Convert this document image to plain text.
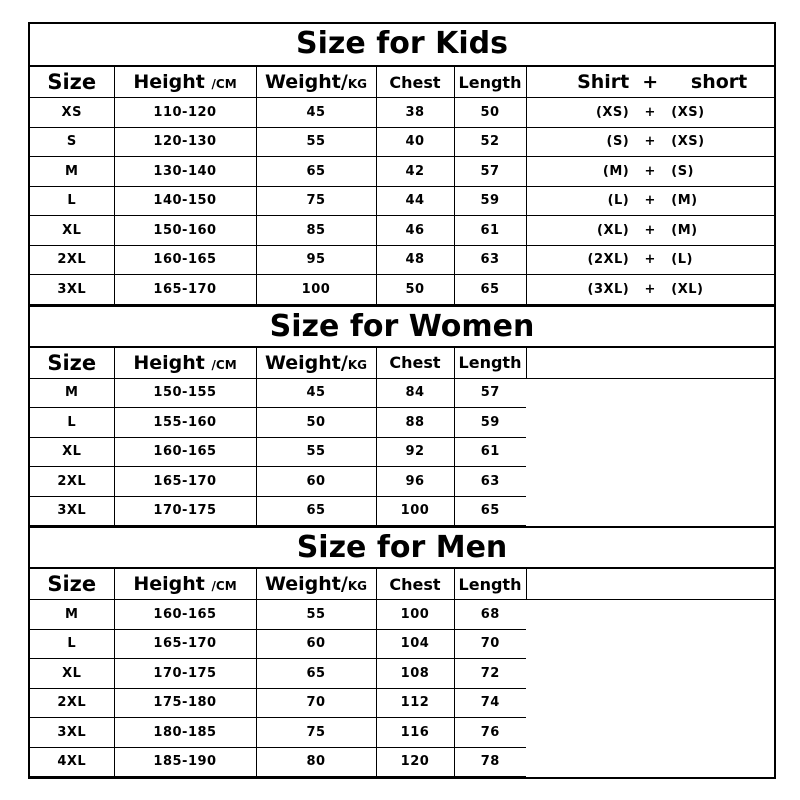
Size for Kids
Size	Height /CM	Weight/KG	Chest	Length	Shirt + short
XS	110-120	45	38	50	(XS) + (XS)
S	120-130	55	40	52	(S) + (XS)
M	130-140	65	42	57	(M) + (S)
L	140-150	75	44	59	(L) + (M)
XL	150-160	85	46	61	(XL) + (M)
2XL	160-165	95	48	63	(2XL) + (L)
3XL	165-170	100	50	65	(3XL) + (XL)
Size for Women
Size	Height /CM	Weight/KG	Chest	Length	
M	150-155	45	84	57	
L	155-160	50	88	59	
XL	160-165	55	92	61	
2XL	165-170	60	96	63	
3XL	170-175	65	100	65	
Size for Men
Size	Height /CM	Weight/KG	Chest	Length	
M	160-165	55	100	68	
L	165-170	60	104	70	
XL	170-175	65	108	72	
2XL	175-180	70	112	74	
3XL	180-185	75	116	76	
4XL	185-190	80	120	78	
